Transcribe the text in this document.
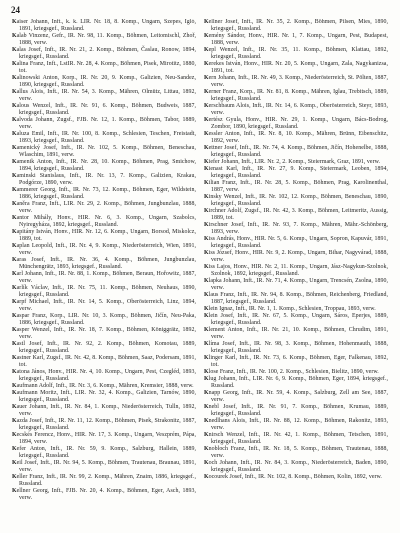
24

Kaiser Johann, Inft., k. k. LIR. Nr. 18, 8. Komp., Ungarn, Szepes, Igló, 1891, kriegsgef., Russland.

Kalab Vinzenz, Gefr., IR. Nr. 98, 11. Komp., Böhmen, Leitomischl, Zhoř, 1888, verw.

Kalas Josef, Inft., IR. Nr. 21, 2. Komp., Böhmen, Časlau, Ronow, 1894, kriegsgef., Russland.

Kalina Franz, Inft., LstIR. Nr. 28, 4. Komp., Böhmen, Pisek, Mirotitz, 1880, tot.

Kalinowski Anton, Korp., IR. Nr. 20, 9. Komp., Galizien, Neu-Sandez, 1890, kriegsgef., Russland.

Kallus Alois, Inft., IR. Nr. 54, 3. Komp., Mähren, Olmütz, Littau, 1892, verw.

Kalous Wenzel, Inft., IR. Nr. 91, 6. Komp., Böhmen, Budweis, 1887, kriegsgef., Russland.

Kalvoda Johann, Zugsf., FJB. Nr. 12, 1. Komp., Böhmen, Tabor, 1889, verw.

Kaluza Emil, Inft., IR. Nr. 100, 8. Komp., Schlesien, Teschen, Freistadt, 1893, kriegsgef., Russland.

Kamenický Josef, Inft., IR. Nr. 102, 5. Komp., Böhmen, Beneschau, Wlaschim, 1891, verw.

Kamenik Anton, Inft., IR. Nr. 28, 10. Komp., Böhmen, Prag, Smichow, 1894, kriegsgef., Russland.

Kaminski Stanislaus, Inft., IR. Nr. 13, 7. Komp., Galizien, Krakau, Podgórze, 1890, verw.

Kammerer Georg, Inft., IR. Nr. 73, 12. Komp., Böhmen, Eger, Wildstein, 1886, kriegsgef., Russland.

Kaněra Franz, Inft., LIR. Nr. 29, 2. Komp., Böhmen, Jungbunzlau, 1888, verw.

Kantor Mihály, Honv., HIR. Nr. 6, 3. Komp., Ungarn, Szabolcs, Nyiregyháza, 1892, kriegsgef., Russland.

Kapitány István, Honv., HIR. Nr. 12, 6. Komp., Ungarn, Borsod, Miskolcz, 1889, tot.

Kaplan Leopold, Inft., IR. Nr. 4, 9. Komp., Niederösterreich, Wien, 1891, verw.

Karas Josef, Inft., IR. Nr. 36, 4. Komp., Böhmen, Jungbunzlau, Münchengrätz, 1893, kriegsgef., Russland.

Karl Johann, Inft., IR. Nr. 88, 1. Komp., Böhmen, Beraun, Hořowitz, 1887, verw.

Karlík Václav, Inft., IR. Nr. 75, 11. Komp., Böhmen, Neuhaus, 1890, kriegsgef., Russland.

Karpf Michael, Inft., IR. Nr. 14, 5. Komp., Oberösterreich, Linz, 1894, verw.

Kaspar Franz, Korp., LIR. Nr. 10, 3. Komp., Böhmen, Jičín, Neu-Paka, 1886, kriegsgef., Russland.

Kasper Wenzel, Inft., IR. Nr. 18, 7. Komp., Böhmen, Königgrätz, 1892, verw.

Kastl Josef, Inft., IR. Nr. 92, 2. Komp., Böhmen, Komotau, 1889, kriegsgef., Russland.

Kastner Karl, Zugsf., IR. Nr. 42, 8. Komp., Böhmen, Saaz, Podersam, 1891, tot.

Katona János, Honv., HIR. Nr. 4, 10. Komp., Ungarn, Pest, Czegléd, 1893, kriegsgef., Russland.

Kaufmann Adolf, Inft., IR. Nr. 3, 6. Komp., Mähren, Kremsier, 1888, verw.

Kaufmann Moritz, Inft., LIR. Nr. 32, 4. Komp., Galizien, Tarnów, 1890, kriegsgef., Russland.

Kauer Johann, Inft., IR. Nr. 84, 1. Komp., Niederösterreich, Tulln, 1892, verw.

Kazda Josef, Inft., IR. Nr. 11, 12. Komp., Böhmen, Pisek, Strakonitz, 1887, kriegsgef., Russland.

Kecskés Ferencz, Honv., HIR. Nr. 17, 3. Komp., Ungarn, Veszprém, Pápa, 1894, verw.

Kefer Anton, Inft., IR. Nr. 59, 9. Komp., Salzburg, Hallein, 1889, kriegsgef., Russland.

Keil Josef, Inft., IR. Nr. 94, 5. Komp., Böhmen, Trautenau, Braunau, 1891, verw.

Keller Franz, Inft., IR. Nr. 99, 2. Komp., Mähren, Znaim, 1886, kriegsgef., Russland.

Kellner Georg, Inft., FJB. Nr. 20, 4. Komp., Böhmen, Eger, Asch, 1893, verw.

Kellner Josef, Inft., IR. Nr. 35, 2. Komp., Böhmen, Pilsen, Mies, 1890, kriegsgef., Russland.

Kemény Sándor, Honv., HIR. Nr. 1, 7. Komp., Ungarn, Pest, Budapest, 1888, verw.

Kepl Wenzel, Inft., IR. Nr. 35, 11. Komp., Böhmen, Klattau, 1892, kriegsgef., Russland.

Kerekes István, Honv., HIR. Nr. 20, 5. Komp., Ungarn, Zala, Nagykanizsa, 1891, tot.

Kern Johann, Inft., IR. Nr. 49, 3. Komp., Niederösterreich, St. Pölten, 1887, verw.

Kerner Franz, Korp., IR. Nr. 81, 8. Komp., Mähren, Iglau, Trebitsch, 1889, kriegsgef., Russland.

Kerschbaum Alois, Inft., IR. Nr. 14, 6. Komp., Oberösterreich, Steyr, 1893, verw.

Kertész Gyula, Honv., HIR. Nr. 29, 1. Komp., Ungarn, Bács-Bodrog, Zombor, 1890, kriegsgef., Russland.

Kessler Anton, Inft., IR. Nr. 8, 10. Komp., Mähren, Brünn, Eibenschitz, 1892, verw.

Kettner Josef, Inft., IR. Nr. 74, 4. Komp., Böhmen, Jičín, Hohenelbe, 1888, kriegsgef., Russland.

Kiefer Johann, Inft., LIR. Nr. 2, 2. Komp., Steiermark, Graz, 1891, verw.

Kienast Karl, Inft., IR. Nr. 27, 9. Komp., Steiermark, Leoben, 1894, kriegsgef., Russland.

Kilian Franz, Inft., IR. Nr. 28, 5. Komp., Böhmen, Prag, Karolinenthal, 1887, verw.

Kinsky Wenzel, Inft., IR. Nr. 102, 12. Komp., Böhmen, Beneschau, 1890, kriegsgef., Russland.

Kirchner Adolf, Zugsf., IR. Nr. 42, 3. Komp., Böhmen, Leitmeritz, Aussig, 1889, tot.

Kirschner Josef, Inft., IR. Nr. 93, 7. Komp., Mähren, Mähr.-Schönberg, 1893, verw.

Kiss András, Honv., HIR. Nr. 5, 6. Komp., Ungarn, Sopron, Kapuvár, 1891, kriegsgef., Russland.

Kiss József, Honv., HIR. Nr. 9, 2. Komp., Ungarn, Bihar, Nagyvárad, 1888, verw.

Kiss Lajos, Honv., HIR. Nr. 2, 11. Komp., Ungarn, Jász-Nagykun-Szolnok, Szolnok, 1892, kriegsgef., Russland.

Klapka Johann, Inft., IR. Nr. 71, 4. Komp., Ungarn, Trencsén, Zsolna, 1890, verw.

Klaus Franz, Inft., IR. Nr. 94, 8. Komp., Böhmen, Reichenberg, Friedland, 1887, kriegsgef., Russland.

Klein Ignaz, Inft., IR. Nr. 1, 1. Komp., Schlesien, Troppau, 1893, verw.

Klein Josef, Inft., IR. Nr. 67, 5. Komp., Ungarn, Sáros, Eperjes, 1889, kriegsgef., Russland.

Klement Anton, Inft., IR. Nr. 21, 10. Komp., Böhmen, Chrudim, 1891, verw.

Klíma Josef, Inft., IR. Nr. 98, 3. Komp., Böhmen, Hohenmauth, 1888, kriegsgef., Russland.

Klinger Karl, Inft., IR. Nr. 73, 6. Komp., Böhmen, Eger, Falkenau, 1892, tot.

Klose Franz, Inft., IR. Nr. 100, 2. Komp., Schlesien, Bielitz, 1890, verw.

Klug Johann, Inft., LIR. Nr. 6, 9. Komp., Böhmen, Eger, 1894, kriegsgef., Russland.

Knapp Georg, Inft., IR. Nr. 59, 4. Komp., Salzburg, Zell am See, 1887, verw.

Knebl Josef, Inft., IR. Nr. 91, 7. Komp., Böhmen, Krumau, 1889, kriegsgef., Russland.

Knedlhans Alois, Inft., IR. Nr. 88, 12. Komp., Böhmen, Rakonitz, 1893, verw.

Knirsch Wenzel, Inft., IR. Nr. 42, 1. Komp., Böhmen, Tetschen, 1891, kriegsgef., Russland.

Knobloch Franz, Inft., IR. Nr. 18, 5. Komp., Böhmen, Trautenau, 1888, verw.

Koch Johann, Inft., IR. Nr. 84, 3. Komp., Niederösterreich, Baden, 1890, kriegsgef., Russland.

Kocourek Josef, Inft., IR. Nr. 102, 8. Komp., Böhmen, Kolin, 1892, verw.
